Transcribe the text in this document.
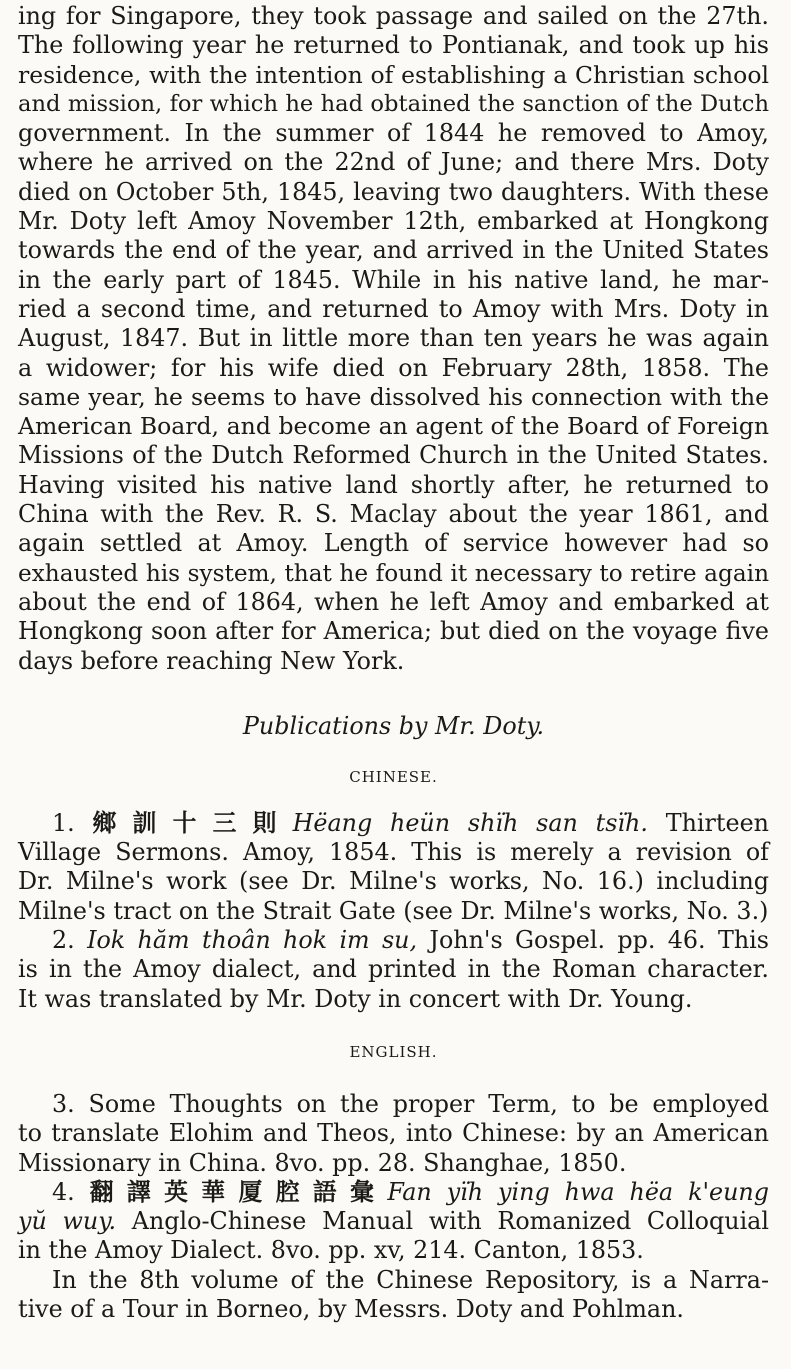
ing for Singapore, they took passage and sailed on the 27th.
The following year he returned to Pontianak, and took up his
residence, with the intention of establishing a Christian school
and mission, for which he had obtained the sanction of the Dutch
government. In the summer of 1844 he removed to Amoy,
where he arrived on the 22nd of June; and there Mrs. Doty
died on October 5th, 1845, leaving two daughters. With these
Mr. Doty left Amoy November 12th, embarked at Hongkong
towards the end of the year, and arrived in the United States
in the early part of 1845. While in his native land, he mar-
ried a second time, and returned to Amoy with Mrs. Doty in
August, 1847. But in little more than ten years he was again
a widower; for his wife died on February 28th, 1858. The
same year, he seems to have dissolved his connection with the
American Board, and become an agent of the Board of Foreign
Missions of the Dutch Reformed Church in the United States.
Having visited his native land shortly after, he returned to
China with the Rev. R. S. Maclay about the year 1861, and
again settled at Amoy. Length of service however had so
exhausted his system, that he found it necessary to retire again
about the end of 1864, when he left Amoy and embarked at
Hongkong soon after for America; but died on the voyage five
days before reaching New York.

Publications by Mr. Doty.
CHINESE.

1. 鄉訓十三則Hëang heün shïh san tsïh. Thirteen
Village Sermons. Amoy, 1854. This is merely a revision of
Dr. Milne's work (see Dr. Milne's works, No. 16.) including
Milne's tract on the Strait Gate (see Dr. Milne's works, No. 3.)

2. Iok hăm thoân hok im su, John's Gospel. pp. 46. This
is in the Amoy dialect, and printed in the Roman character.
It was translated by Mr. Doty in concert with Dr. Young.

ENGLISH.

3. Some Thoughts on the proper Term, to be employed
to translate Elohim and Theos, into Chinese: by an American
Missionary in China. 8vo. pp. 28. Shanghae, 1850.

4. 翻譯英華厦腔語彙Fan yïh ying hwa hëa k'eung
yŭ wuy. Anglo-Chinese Manual with Romanized Colloquial
in the Amoy Dialect. 8vo. pp. xv, 214. Canton, 1853.

In the 8th volume of the Chinese Repository, is a Narra-
tive of a Tour in Borneo, by Messrs. Doty and Pohlman.
